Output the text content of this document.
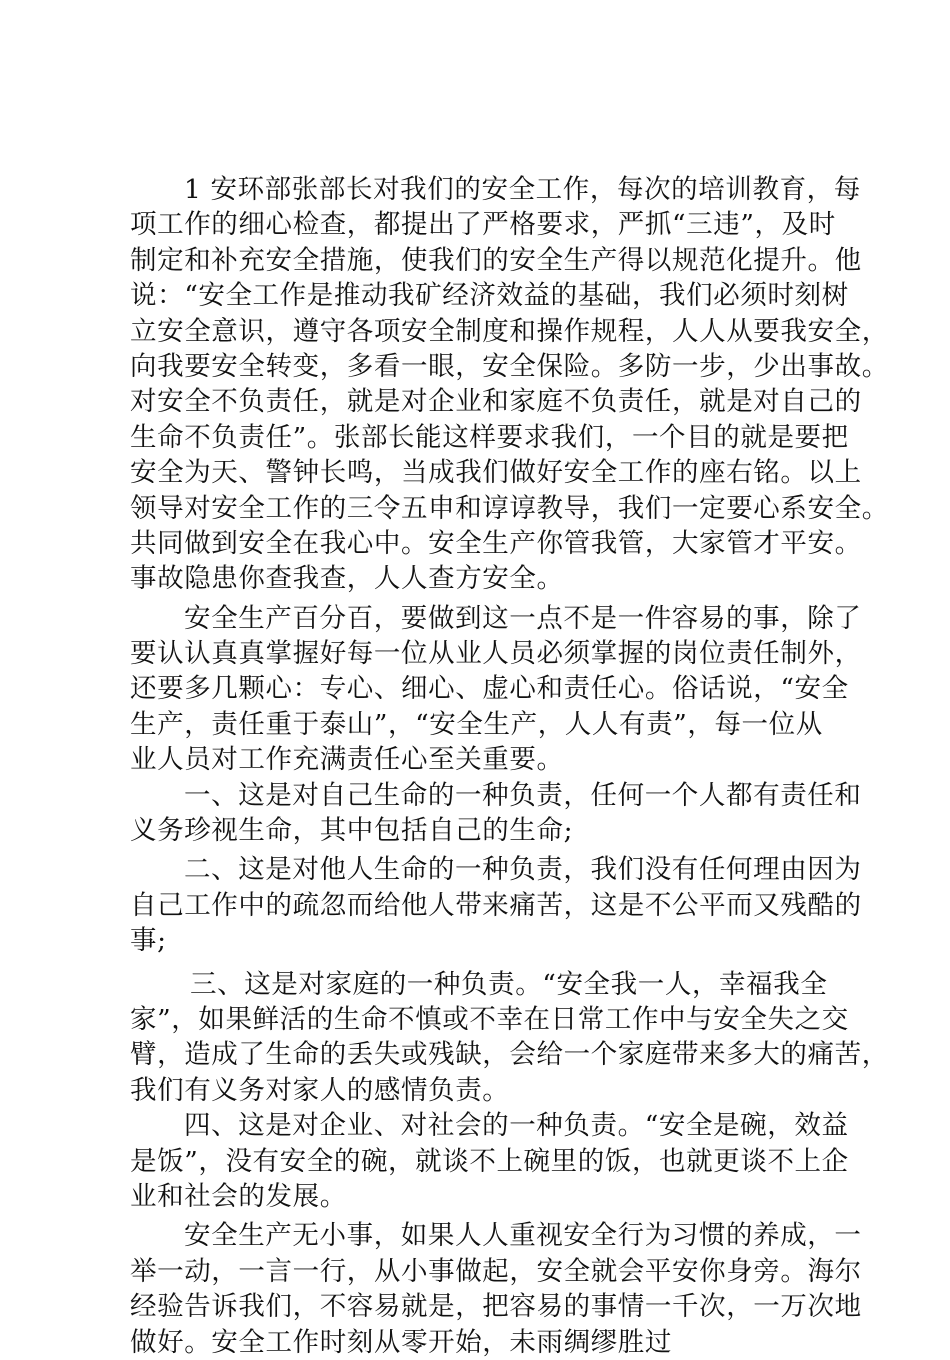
1 安环部张部长对我们的安全工作，每次的培训教育，每
项工作的细心检查，都提出了严格要求，严抓“三违”，及时
制定和补充安全措施，使我们的安全生产得以规范化提升。他
说：“安全工作是推动我矿经济效益的基础，我们必须时刻树
立安全意识，遵守各项安全制度和操作规程，人人从要我安全，
向我要安全转变，多看一眼，安全保险。多防一步，少出事故。
对安全不负责任，就是对企业和家庭不负责任，就是对自己的
生命不负责任”。张部长能这样要求我们，一个目的就是要把
安全为天、警钟长鸣，当成我们做好安全工作的座右铭。以上
领导对安全工作的三令五申和谆谆教导，我们一定要心系安全。
共同做到安全在我心中。安全生产你管我管，大家管才平安。
事故隐患你查我查，人人查方安全。
安全生产百分百，要做到这一点不是一件容易的事，除了
要认认真真掌握好每一位从业人员必须掌握的岗位责任制外，
还要多几颗心：专心、细心、虚心和责任心。俗话说，“安全
生产，责任重于泰山”，“安全生产，人人有责”，每一位从
业人员对工作充满责任心至关重要。
一、这是对自己生命的一种负责，任何一个人都有责任和
义务珍视生命，其中包括自己的生命;
二、这是对他人生命的一种负责，我们没有任何理由因为
自己工作中的疏忽而给他人带来痛苦，这是不公平而又残酷的
事;
三、这是对家庭的一种负责。“安全我一人，幸福我全
家”，如果鲜活的生命不慎或不幸在日常工作中与安全失之交
臂，造成了生命的丢失或残缺，会给一个家庭带来多大的痛苦，
我们有义务对家人的感情负责。
四、这是对企业、对社会的一种负责。“安全是碗，效益
是饭”，没有安全的碗，就谈不上碗里的饭，也就更谈不上企
业和社会的发展。
安全生产无小事，如果人人重视安全行为习惯的养成，一
举一动，一言一行，从小事做起，安全就会平安你身旁。海尔
经验告诉我们，不容易就是，把容易的事情一千次，一万次地
做好。安全工作时刻从零开始，未雨绸缪胜过
